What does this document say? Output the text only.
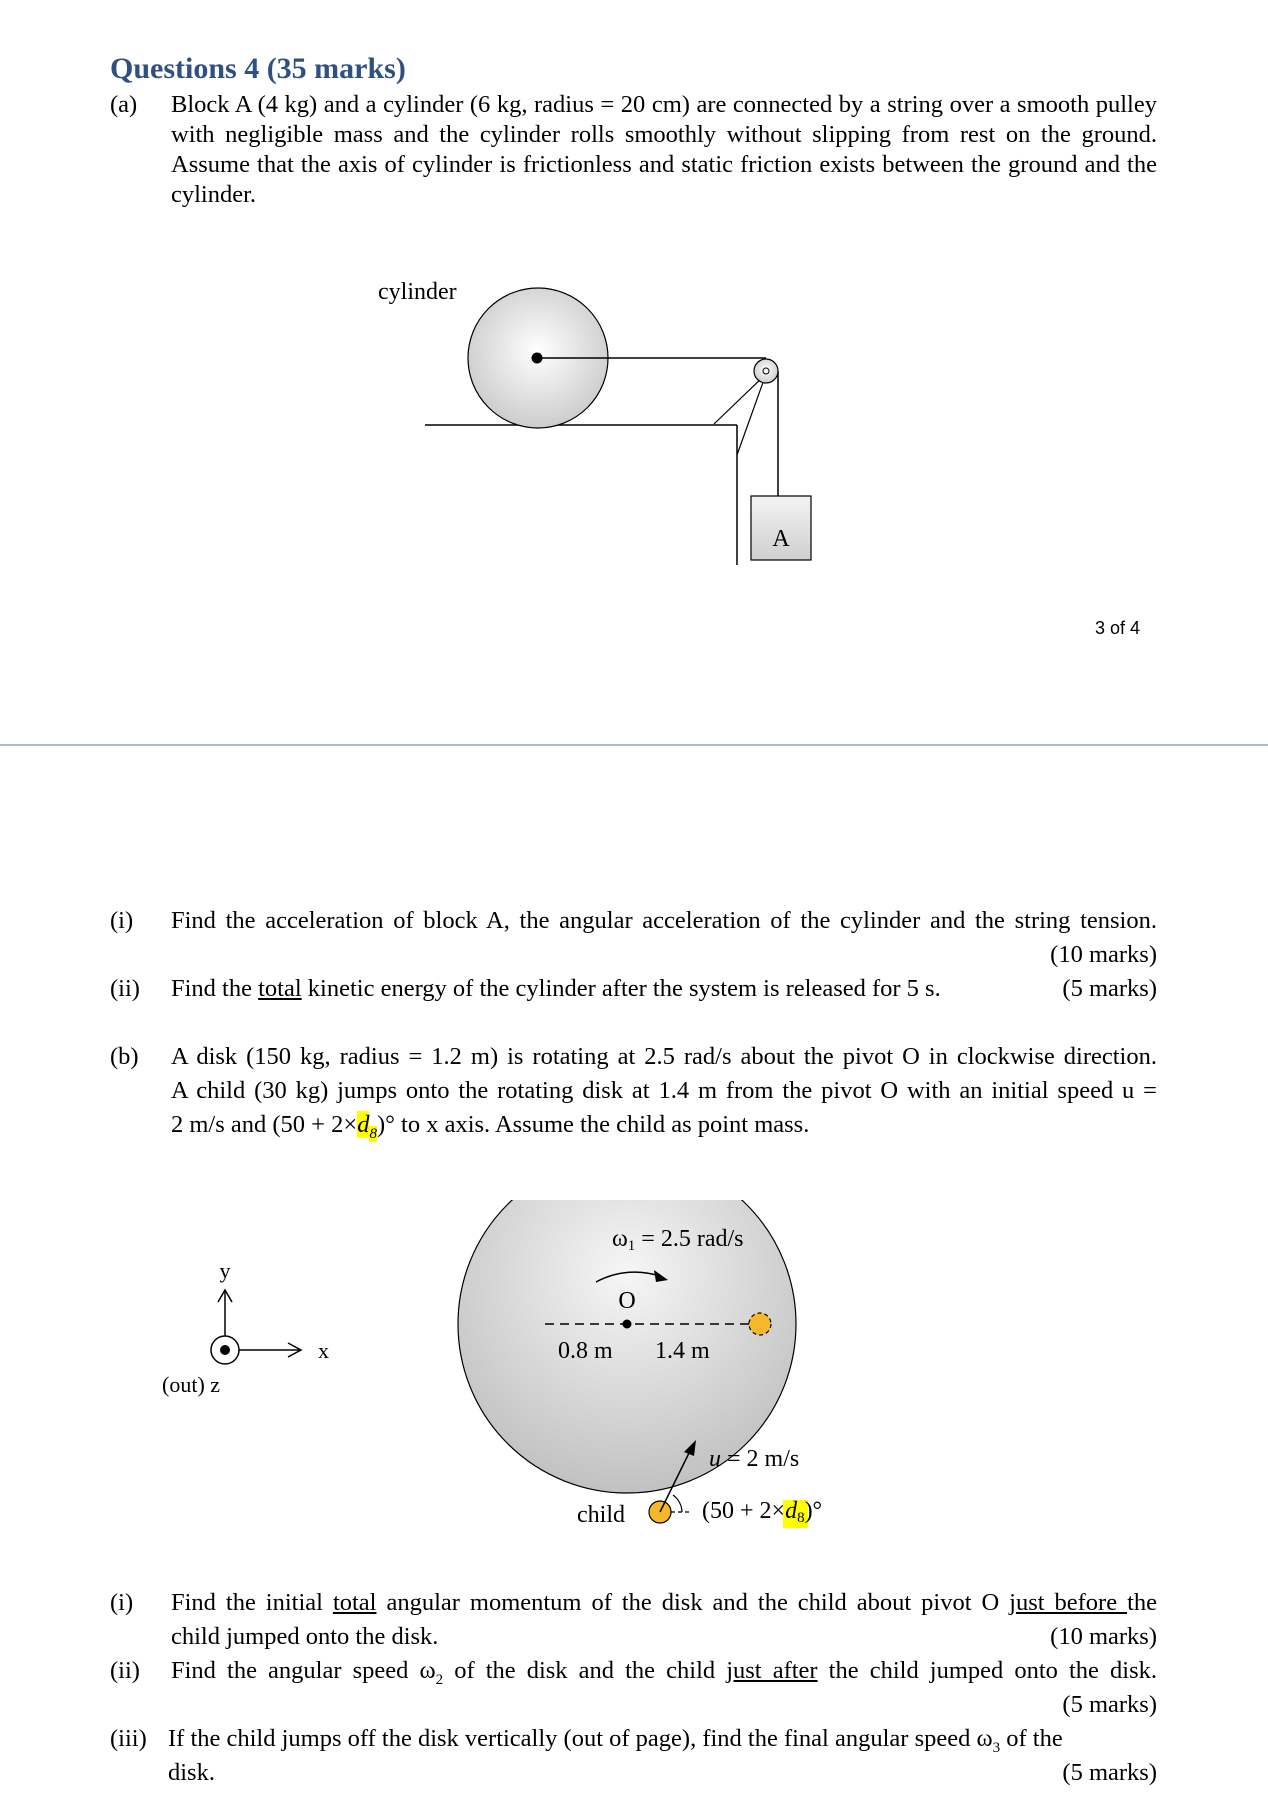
Questions 4 (35 marks)
(a) Block A (4 kg) and a cylinder (6 kg, radius = 20 cm) are connected by a string over a smooth pulley with negligible mass and the cylinder rolls smoothly without slipping from rest on the ground. Assume that the axis of cylinder is frictionless and static friction exists between the ground and the cylinder.
A
cylinder
3 of 4
(i) Find the acceleration of block A, the angular acceleration of the cylinder and the string tension.
(10 marks)
(ii) Find the total kinetic energy of the cylinder after the system is released for 5 s.	(5 marks)
(b) A disk (150 kg, radius = 1.2 m) is rotating at 2.5 rad/s about the pivot O in clockwise direction.
A child (30 kg) jumps onto the rotating disk at 1.4 m from the pivot O with an initial speed u =
2 m/s and $(50 + 2\times d_8)^\circ$ to x axis. Assume the child as point mass.
y
x
(out) z
ω1 = 2.5 rad/s
O
0.8 m 1.4 m
u = 2 m/s
child	(50 + 2×d8)°
(i) Find the initial total angular momentum of the disk and the child about pivot O just before the
child jumped onto the disk.	(10 marks)
(ii) Find the angular speed $\omega_2$ of the disk and the child just after the child jumped onto the disk.
(5 marks)
(iii) If the child jumps off the disk vertically (out of page), find the final angular speed $\omega_3$ of the
disk.	(5 marks)
